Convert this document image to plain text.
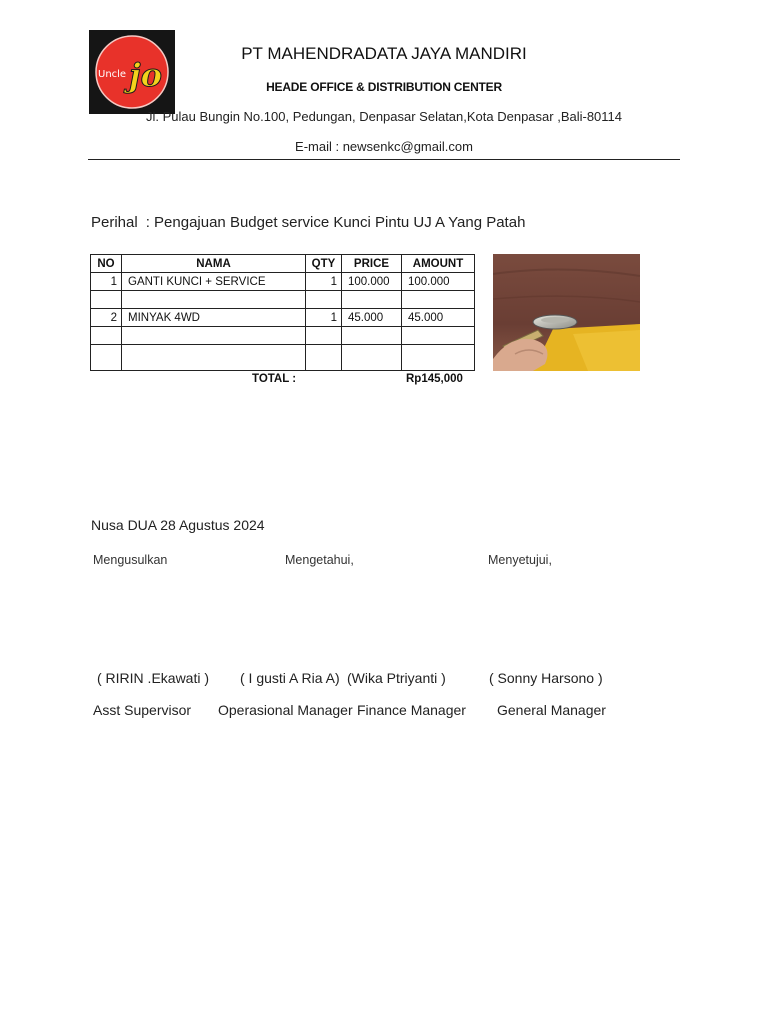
Uncle jo
PT MAHENDRADATA JAYA MANDIRI
HEADE OFFICE & DISTRIBUTION CENTER
Jl. Pulau Bungin No.100, Pedungan, Denpasar Selatan,Kota Denpasar ,Bali-80114
E-mail : newsenkc@gmail.com
Perihal : Pengajuan Budget service Kunci Pintu UJ A Yang Patah
NO	NAMA	QTY	PRICE	AMOUNT
1	GANTI KUNCI + SERVICE	1	100.000	100.000

2	MINYAK 4WD	1	45.000	45.000

TOTAL :	Rp145,000
Nusa DUA 28 Agustus 2024
Mengusulkan	Mengetahui,	Menyetujui,
( RIRIN .Ekawati ) ( I gusti A Ria A) (Wika Ptriyanti )	( Sonny Harsono )
Asst Supervisor Operasional Manager Finance Manager General Manager
